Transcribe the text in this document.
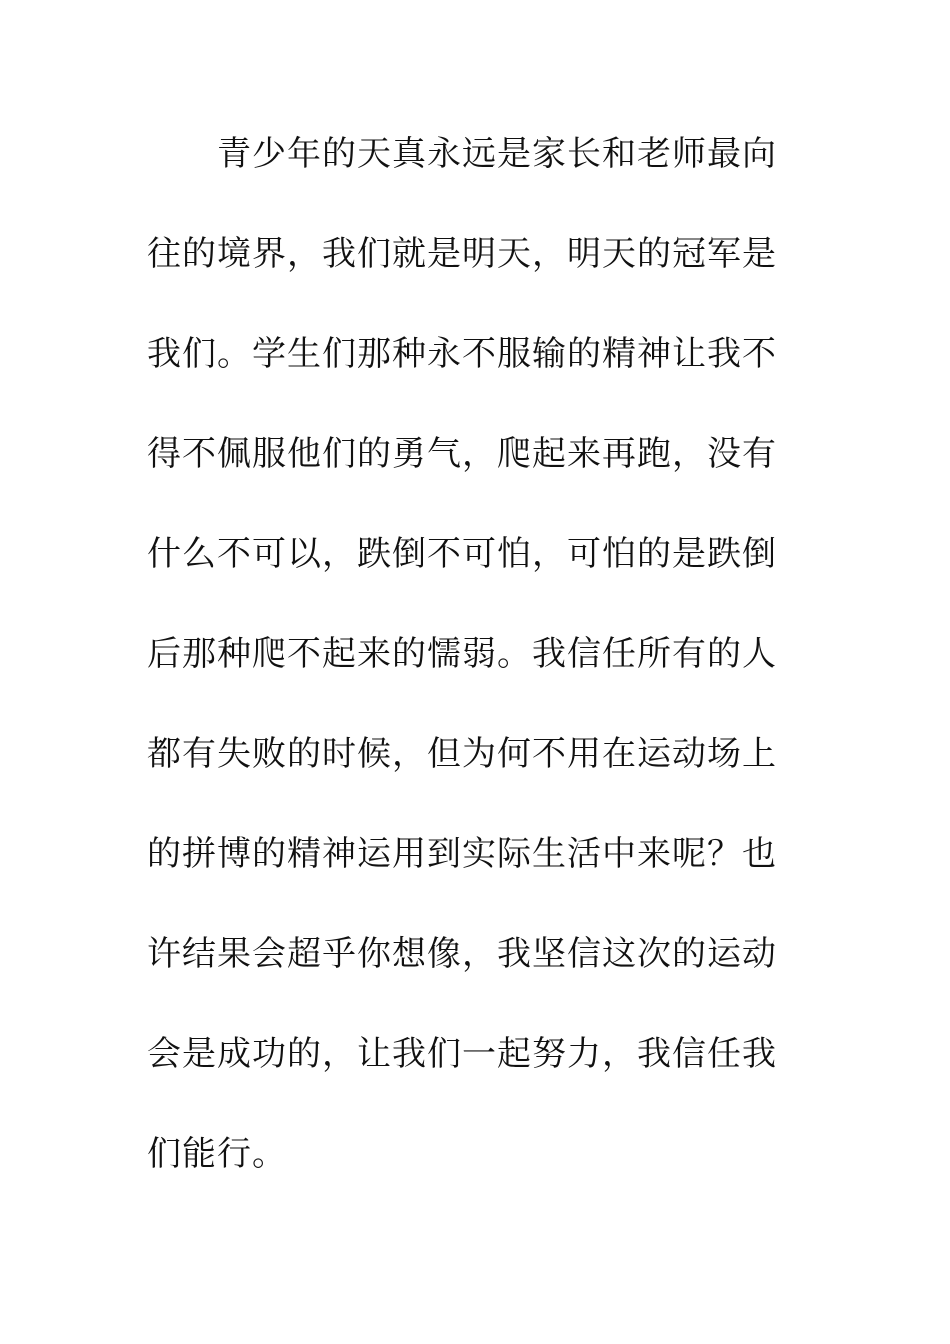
青少年的天真永远是家长和老师最向
往的境界，我们就是明天，明天的冠军是
我们。学生们那种永不服输的精神让我不
得不佩服他们的勇气，爬起来再跑，没有
什么不可以，跌倒不可怕，可怕的是跌倒
后那种爬不起来的懦弱。我信任所有的人
都有失败的时候，但为何不用在运动场上
的拼博的精神运用到实际生活中来呢？也
许结果会超乎你想像，我坚信这次的运动
会是成功的，让我们一起努力，我信任我
们能行。
